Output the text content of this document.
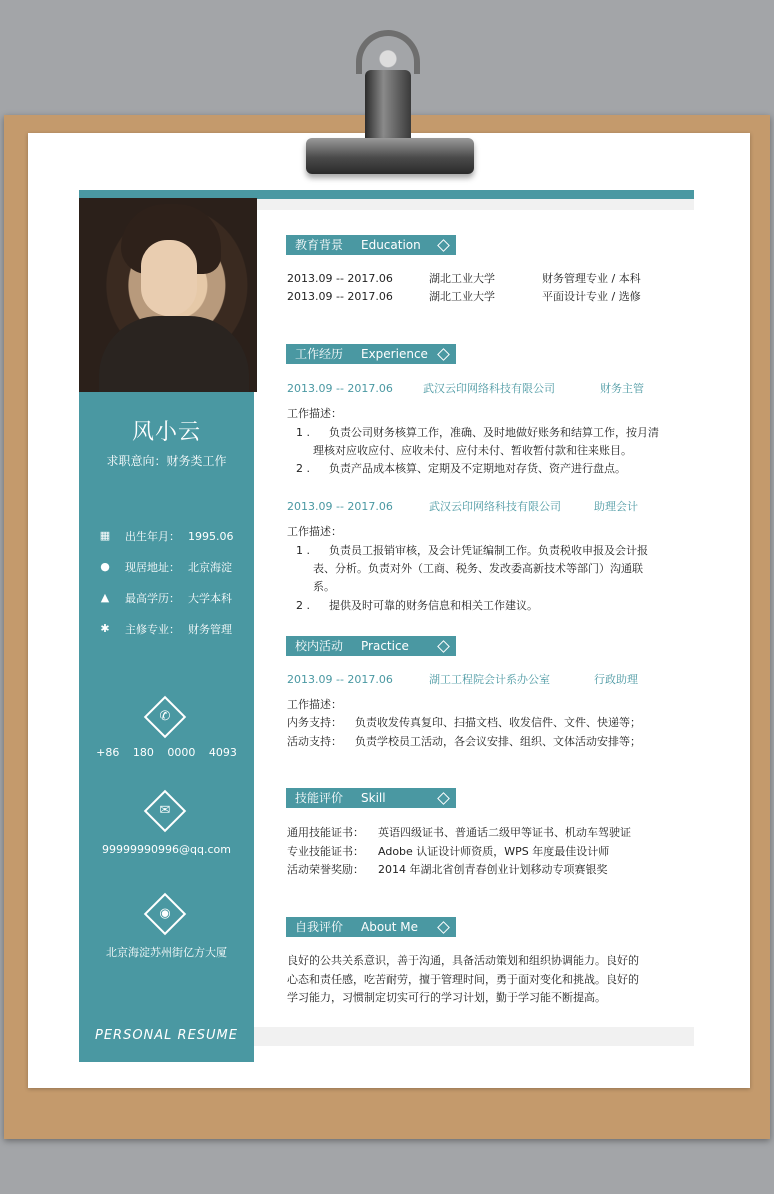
风小云
求职意向：财务类工作
▦ 出生年月： 1995.06
● 现居地址： 北京海淀
▲	最高学历： 大学本科
✱	主修专业： 财务管理
✆
+86 180 0000 4093
✉
99999990996@qq.com
◉
北京海淀苏州街亿方大厦
PERSONAL RESUME
教育背景	Education
2013.09 -- 2017.06	湖北工业大学	财务管理专业 / 本科
2013.09 -- 2017.06	湖北工业大学	平面设计专业 / 选修
工作经历	Experience
2013.09 -- 2017.06	武汉云印网络科技有限公司	财务主管
工作描述：
1 .	负责公司财务核算工作，准确、及时地做好账务和结算工作，按月清理核对应收应付、应收未付、应付未付、暂收暂付款和往来账目。
2 . 负责产品成本核算、定期及不定期地对存货、资产进行盘点。
2013.09 -- 2017.06	武汉云印网络科技有限公司	助理会计
工作描述：
1 .	负责员工报销审核，及会计凭证编制工作。负责税收申报及会计报表、分析。负责对外（工商、税务、发改委高新技术等部门）沟通联系。
2 . 提供及时可靠的财务信息和相关工作建议。
校内活动	Practice
2013.09 -- 2017.06	湖工工程院会计系办公室	行政助理
工作描述：
内务支持： 负责收发传真复印、扫描文档、收发信件、文件、快递等；
活动支持： 负责学校员工活动，各会议安排、组织、文体活动安排等；
技能评价	Skill
通用技能证书： 英语四级证书、普通话二级甲等证书、机动车驾驶证
专业技能证书： Adobe 认证设计师资质，WPS 年度最佳设计师
活动荣誉奖励： 2014 年湖北省创青春创业计划移动专项赛银奖
自我评价	About Me
良好的公共关系意识，善于沟通，具备活动策划和组织协调能力。良好的
心态和责任感，吃苦耐劳，擅于管理时间，勇于面对变化和挑战。良好的
学习能力，习惯制定切实可行的学习计划，勤于学习能不断提高。
